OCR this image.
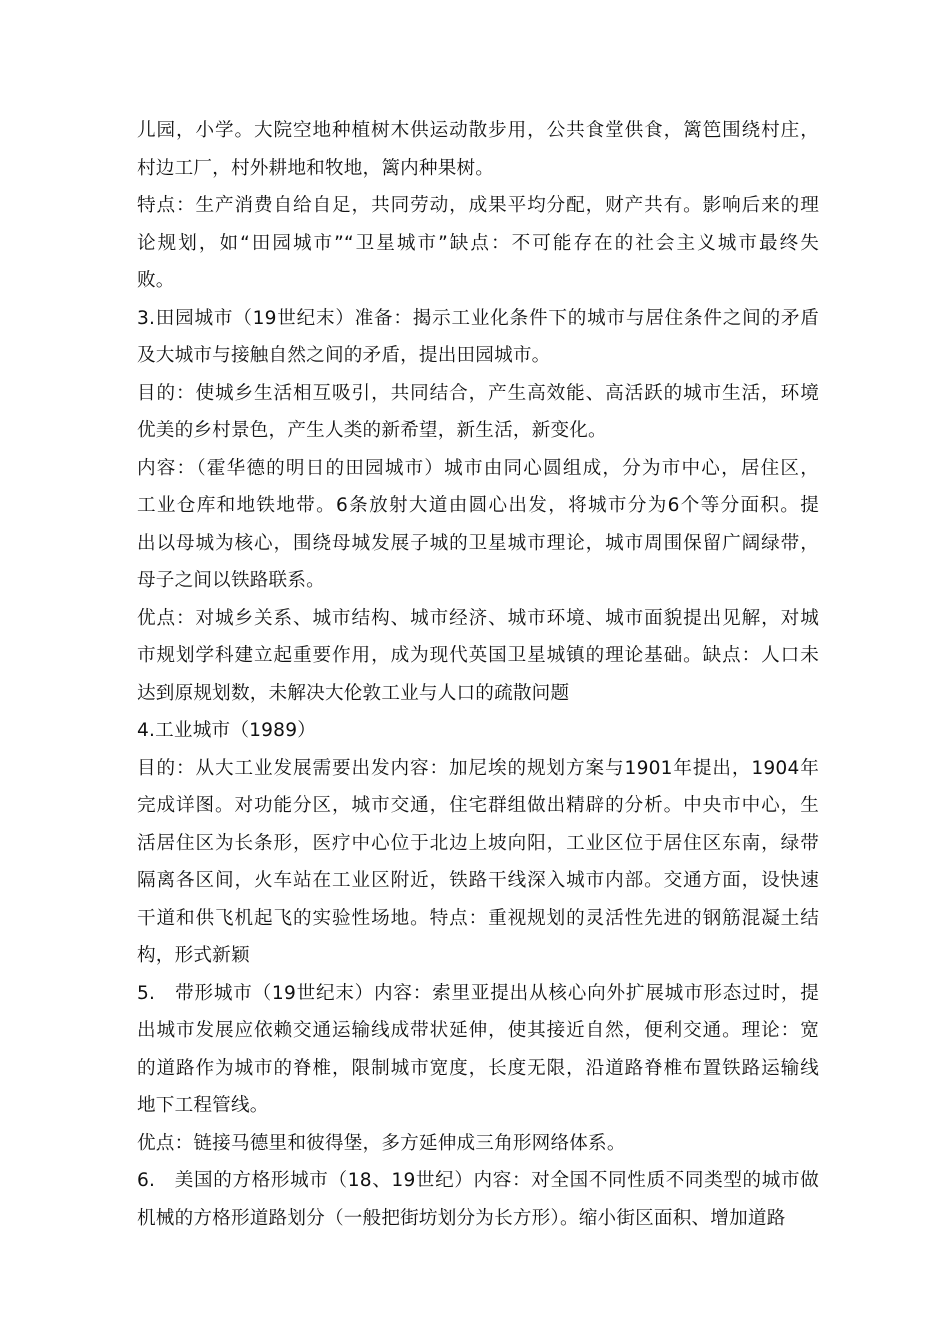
儿园，小学。大院空地种植树木供运动散步用，公共食堂供食，篱笆围绕村庄，
村边工厂，村外耕地和牧地，篱内种果树。
特点：生产消费自给自足，共同劳动，成果平均分配，财产共有。影响后来的理
论规划，如“田园城市”“卫星城市”缺点：不可能存在的社会主义城市最终失
败。
3.田园城市（19世纪末）准备：揭示工业化条件下的城市与居住条件之间的矛盾
及大城市与接触自然之间的矛盾，提出田园城市。
目的：使城乡生活相互吸引，共同结合，产生高效能、高活跃的城市生活，环境
优美的乡村景色，产生人类的新希望，新生活，新变化。
内容：（霍华德的明日的田园城市）城市由同心圆组成，分为市中心，居住区，
工业仓库和地铁地带。6条放射大道由圆心出发，将城市分为6个等分面积。提
出以母城为核心，围绕母城发展子城的卫星城市理论，城市周围保留广阔绿带，
母子之间以铁路联系。
优点：对城乡关系、城市结构、城市经济、城市环境、城市面貌提出见解，对城
市规划学科建立起重要作用，成为现代英国卫星城镇的理论基础。缺点：人口未
达到原规划数，未解决大伦敦工业与人口的疏散问题
4.工业城市（1989）
目的：从大工业发展需要出发内容：加尼埃的规划方案与1901年提出，1904年
完成详图。对功能分区，城市交通，住宅群组做出精辟的分析。中央市中心，生
活居住区为长条形，医疗中心位于北边上坡向阳，工业区位于居住区东南，绿带
隔离各区间，火车站在工业区附近，铁路干线深入城市内部。交通方面，设快速
干道和供飞机起飞的实验性场地。特点：重视规划的灵活性先进的钢筋混凝土结
构，形式新颖
5.　带形城市（19世纪末）内容：索里亚提出从核心向外扩展城市形态过时，提
出城市发展应依赖交通运输线成带状延伸，使其接近自然，便利交通。理论：宽
的道路作为城市的脊椎，限制城市宽度，长度无限，沿道路脊椎布置铁路运输线
地下工程管线。
优点：链接马德里和彼得堡，多方延伸成三角形网络体系。
6.　美国的方格形城市（18、19世纪）内容：对全国不同性质不同类型的城市做
机械的方格形道路划分（一般把街坊划分为长方形）。缩小街区面积、增加道路
